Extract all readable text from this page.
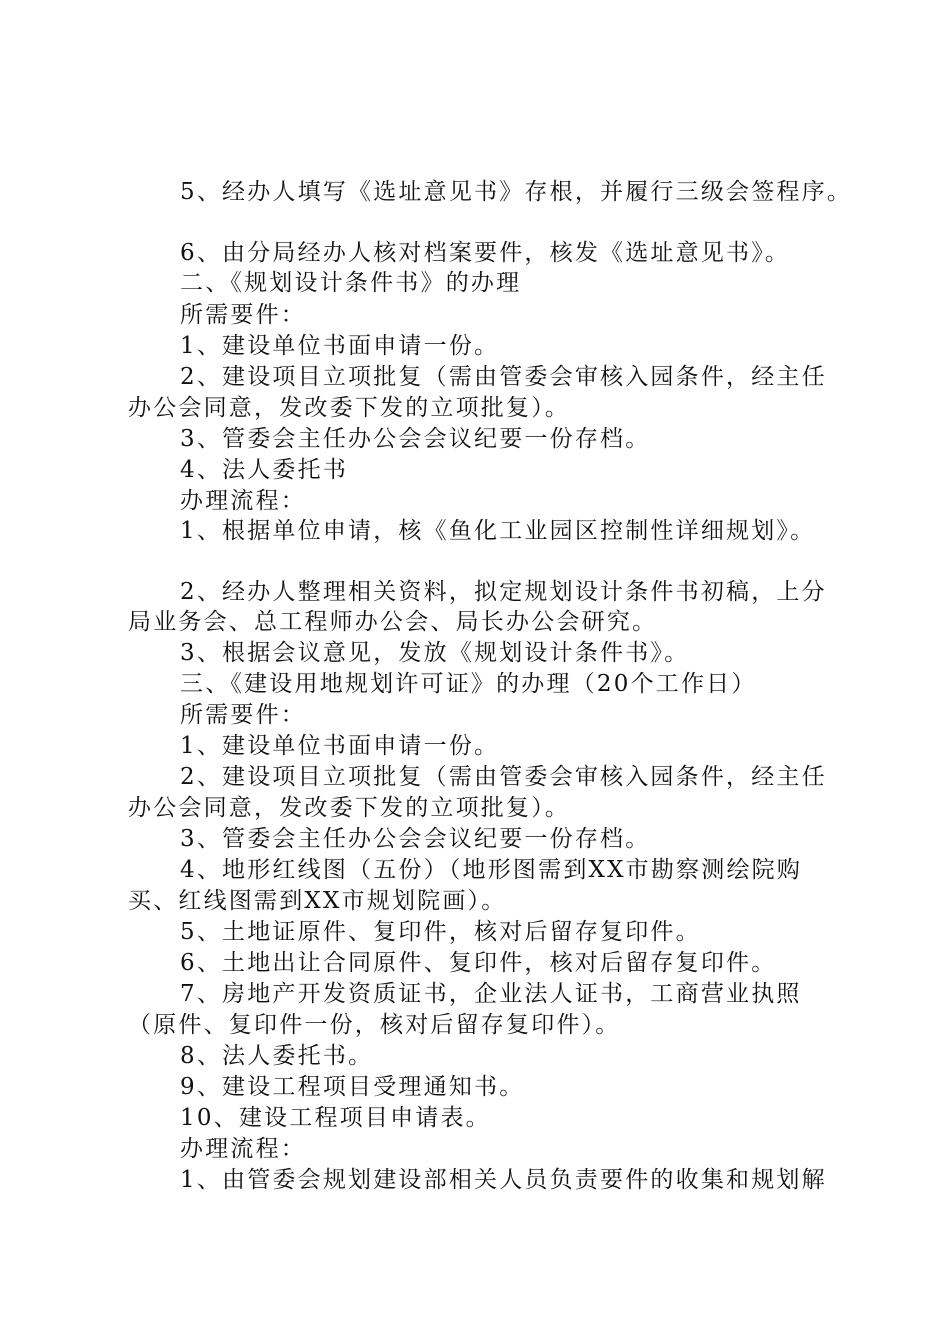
5、经办人填写《选址意见书》存根，并履行三级会签程序。
6、由分局经办人核对档案要件，核发《选址意见书》。
二、《规划设计条件书》的办理
所需要件：
1、建设单位书面申请一份。
2、建设项目立项批复（需由管委会审核入园条件，经主任
办公会同意，发改委下发的立项批复）。
3、管委会主任办公会会议纪要一份存档。
4、法人委托书
办理流程：
1、根据单位申请，核《鱼化工业园区控制性详细规划》。
2、经办人整理相关资料，拟定规划设计条件书初稿，上分
局业务会、总工程师办公会、局长办公会研究。
3、根据会议意见，发放《规划设计条件书》。
三、《建设用地规划许可证》的办理（20个工作日）
所需要件：
1、建设单位书面申请一份。
2、建设项目立项批复（需由管委会审核入园条件，经主任
办公会同意，发改委下发的立项批复）。
3、管委会主任办公会会议纪要一份存档。
4、地形红线图（五份）（地形图需到XX市勘察测绘院购
买、红线图需到XX市规划院画）。
5、土地证原件、复印件，核对后留存复印件。
6、土地出让合同原件、复印件，核对后留存复印件。
7、房地产开发资质证书，企业法人证书，工商营业执照
（原件、复印件一份，核对后留存复印件）。
8、法人委托书。
9、建设工程项目受理通知书。
10、建设工程项目申请表。
办理流程：
1、由管委会规划建设部相关人员负责要件的收集和规划解
